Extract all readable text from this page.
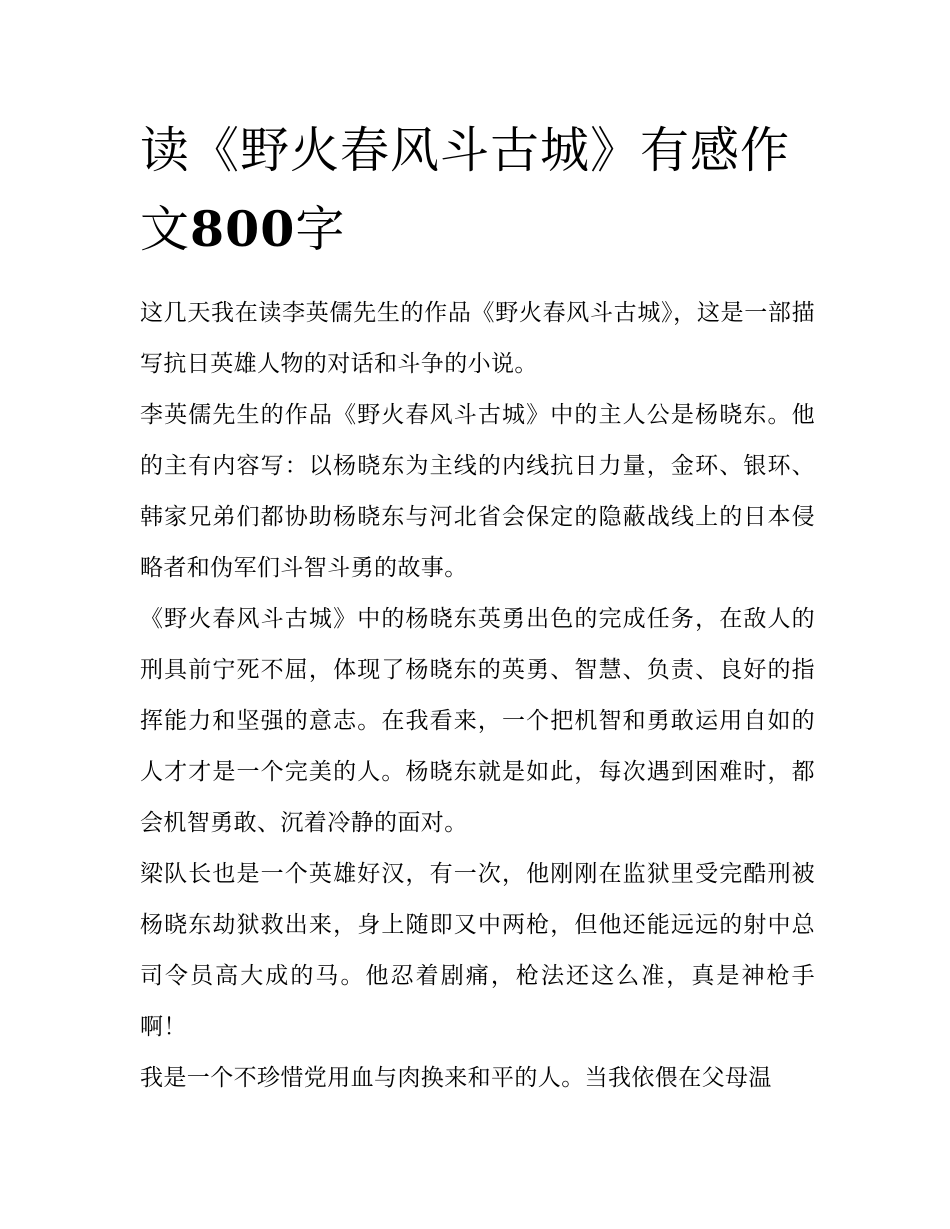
读《野火春风斗古城》有感作文800字

这几天我在读李英儒先生的作品《野火春风斗古城》，这是一部描写抗日英雄人物的对话和斗争的小说。

李英儒先生的作品《野火春风斗古城》中的主人公是杨晓东。他的主有内容写：以杨晓东为主线的内线抗日力量，金环、银环、韩家兄弟们都协助杨晓东与河北省会保定的隐蔽战线上的日本侵略者和伪军们斗智斗勇的故事。

《野火春风斗古城》中的杨晓东英勇出色的完成任务，在敌人的刑具前宁死不屈，体现了杨晓东的英勇、智慧、负责、良好的指挥能力和坚强的意志。在我看来，一个把机智和勇敢运用自如的人才才是一个完美的人。杨晓东就是如此，每次遇到困难时，都会机智勇敢、沉着冷静的面对。

梁队长也是一个英雄好汉，有一次，他刚刚在监狱里受完酷刑被杨晓东劫狱救出来，身上随即又中两枪，但他还能远远的射中总司令员高大成的马。他忍着剧痛，枪法还这么准，真是神枪手啊！

我是一个不珍惜党用血与肉换来和平的人。当我依偎在父母温
